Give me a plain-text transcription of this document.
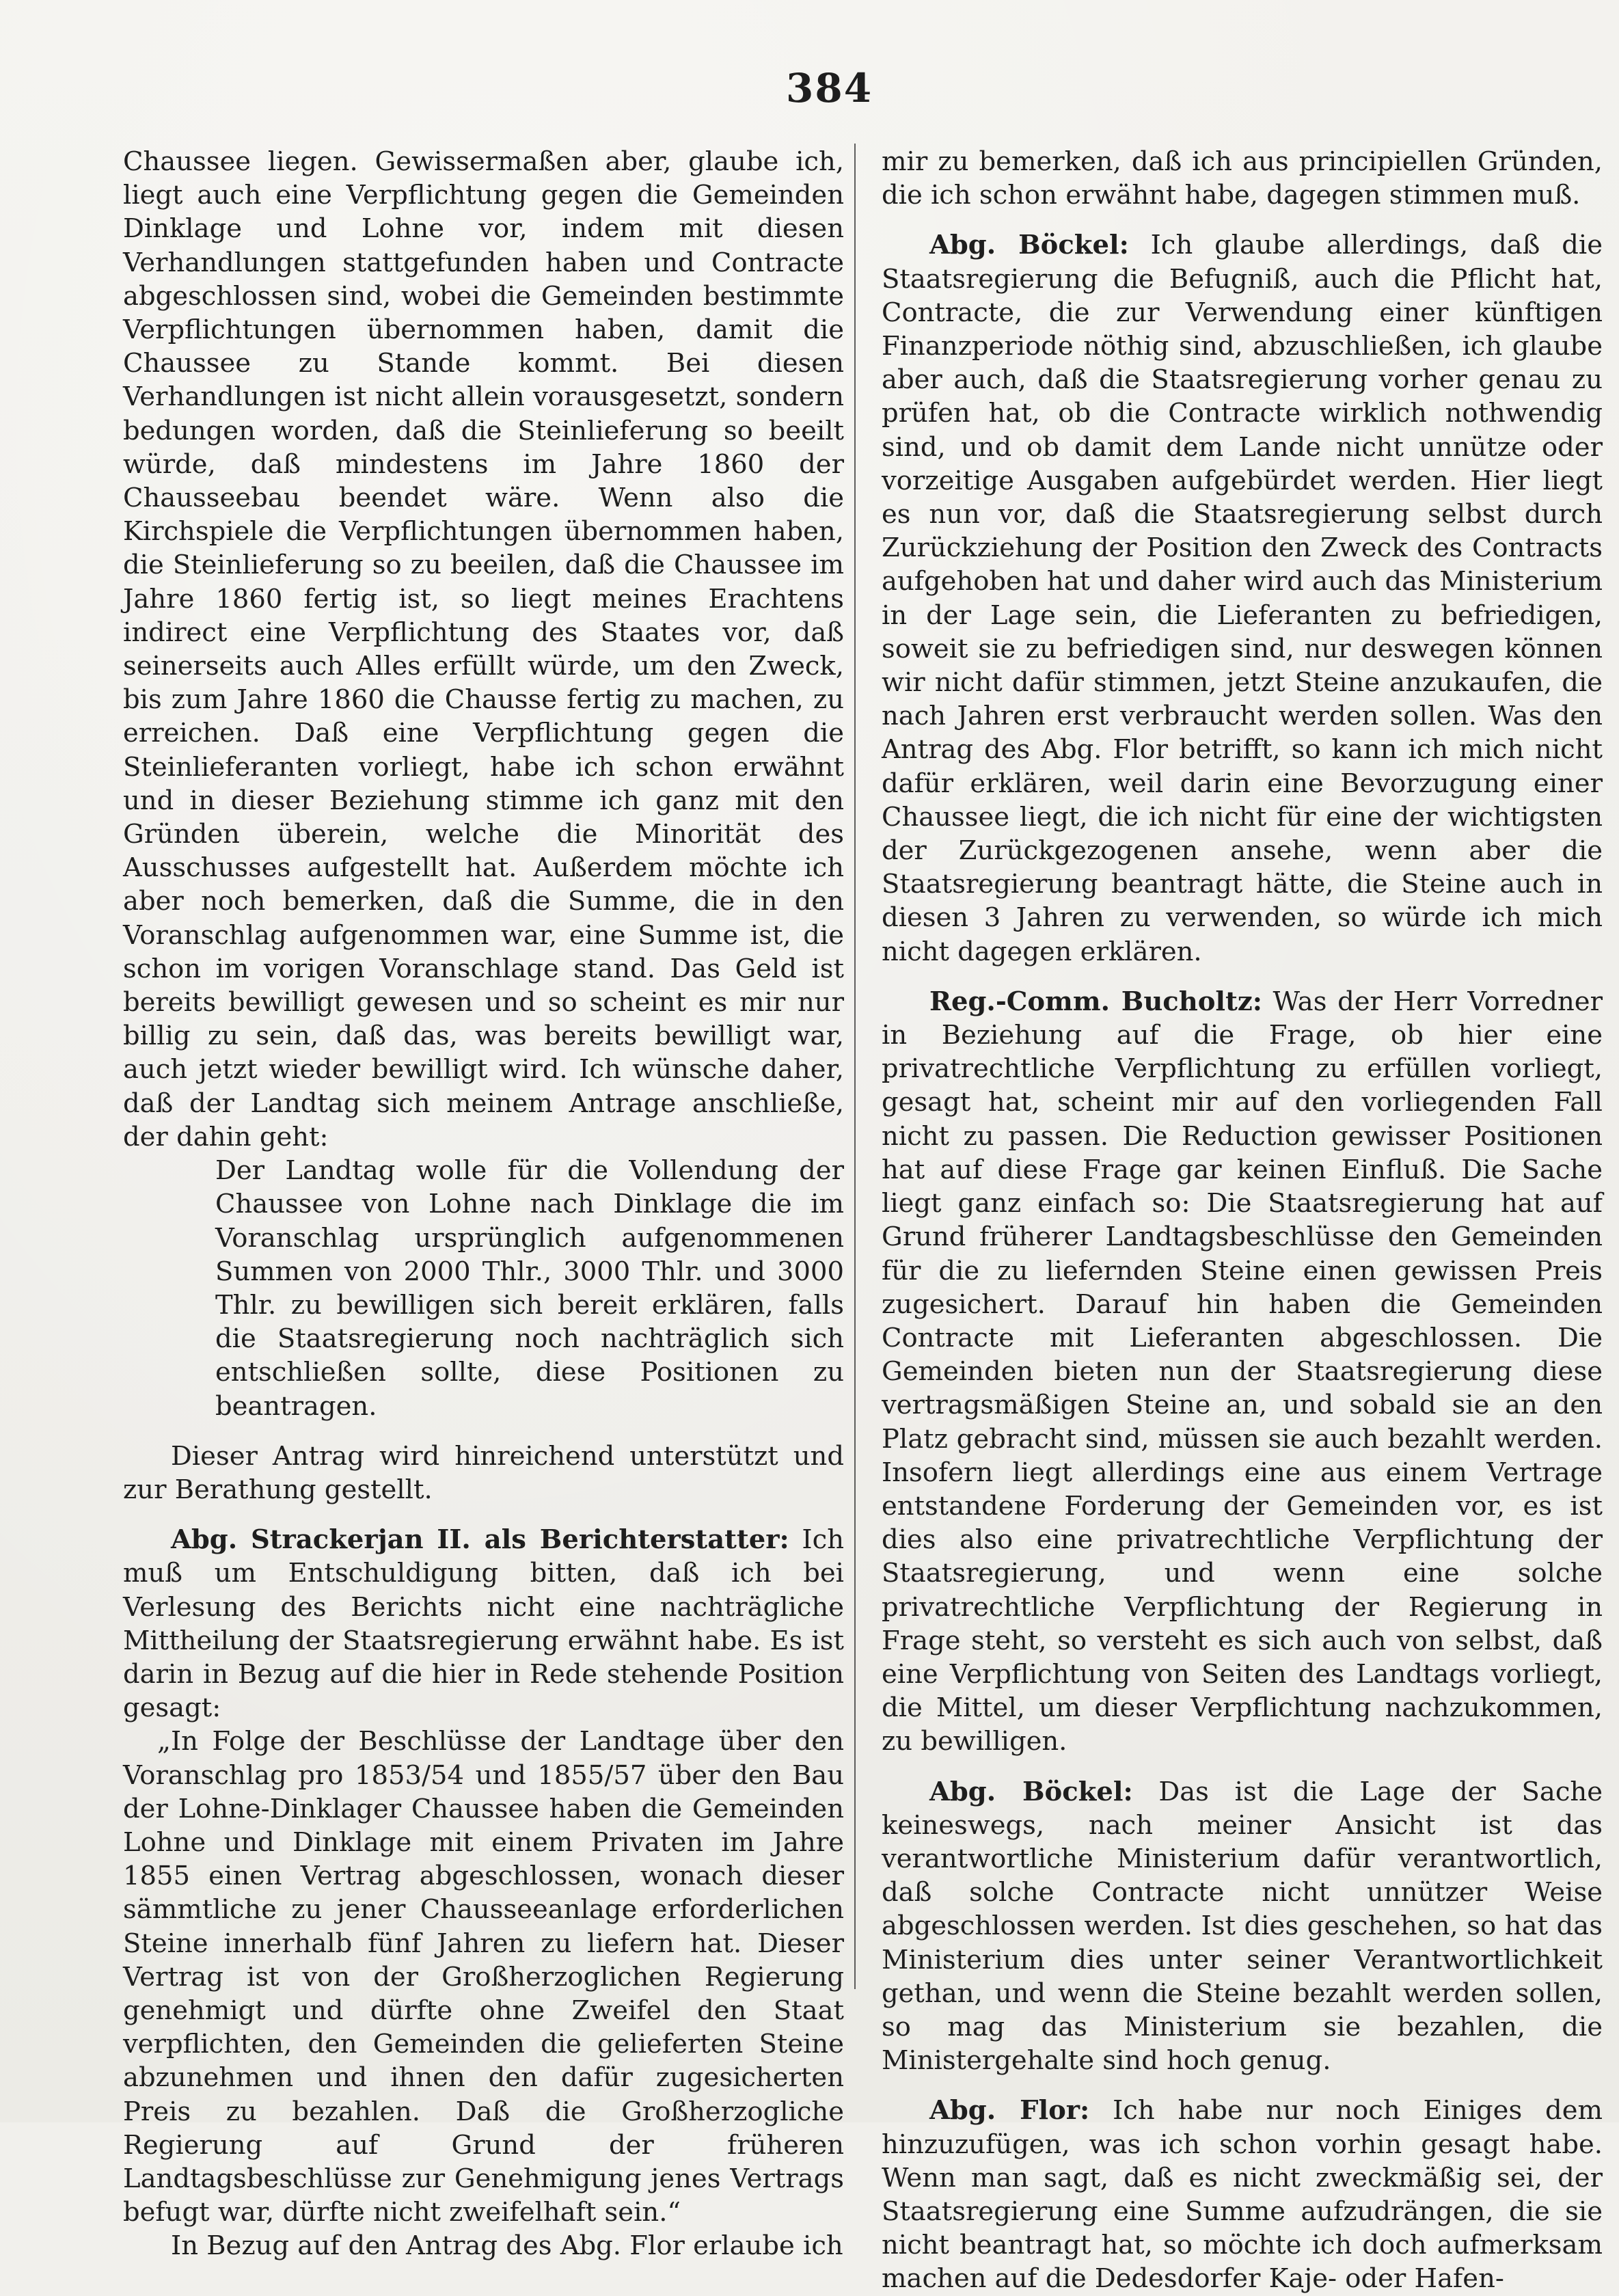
384

Chaussee liegen. Gewissermaßen aber, glaube ich, liegt auch eine Verpflichtung gegen die Gemeinden Dinklage und Lohne vor, indem mit diesen Verhandlungen stattgefunden haben und Contracte abgeschlossen sind, wobei die Gemeinden bestimmte Verpflichtungen übernommen haben, damit die Chaussee zu Stande kommt. Bei diesen Verhandlungen ist nicht allein vorausgesetzt, sondern bedungen worden, daß die Steinlieferung so beeilt würde, daß mindestens im Jahre 1860 der Chausseebau beendet wäre. Wenn also die Kirchspiele die Verpflichtungen übernommen haben, die Steinlieferung so zu beeilen, daß die Chaussee im Jahre 1860 fertig ist, so liegt meines Erachtens indirect eine Verpflichtung des Staates vor, daß seinerseits auch Alles erfüllt würde, um den Zweck, bis zum Jahre 1860 die Chausse fertig zu machen, zu erreichen. Daß eine Verpflichtung gegen die Steinlieferanten vorliegt, habe ich schon erwähnt und in dieser Beziehung stimme ich ganz mit den Gründen überein, welche die Minorität des Ausschusses aufgestellt hat. Außerdem möchte ich aber noch bemerken, daß die Summe, die in den Voranschlag aufgenommen war, eine Summe ist, die schon im vorigen Voranschlage stand. Das Geld ist bereits bewilligt gewesen und so scheint es mir nur billig zu sein, daß das, was bereits bewilligt war, auch jetzt wieder bewilligt wird. Ich wünsche daher, daß der Landtag sich meinem Antrage anschließe, der dahin geht:

Der Landtag wolle für die Vollendung der Chaussee von Lohne nach Dinklage die im Voranschlag ursprünglich aufgenommenen Summen von 2000 Thlr., 3000 Thlr. und 3000 Thlr. zu bewilligen sich bereit erklären, falls die Staatsregierung noch nachträglich sich entschließen sollte, diese Positionen zu beantragen.

Dieser Antrag wird hinreichend unterstützt und zur Berathung gestellt.

Abg. Strackerjan II. als Berichterstatter: Ich muß um Entschuldigung bitten, daß ich bei Verlesung des Berichts nicht eine nachträgliche Mittheilung der Staatsregierung erwähnt habe. Es ist darin in Bezug auf die hier in Rede stehende Position gesagt:

„In Folge der Beschlüsse der Landtage über den Voranschlag pro 1853/54 und 1855/57 über den Bau der Lohne-Dinklager Chaussee haben die Gemeinden Lohne und Dinklage mit einem Privaten im Jahre 1855 einen Vertrag abgeschlossen, wonach dieser sämmtliche zu jener Chausseeanlage erforderlichen Steine innerhalb fünf Jahren zu liefern hat. Dieser Vertrag ist von der Großherzoglichen Regierung genehmigt und dürfte ohne Zweifel den Staat verpflichten, den Gemeinden die gelieferten Steine abzunehmen und ihnen den dafür zugesicherten Preis zu bezahlen. Daß die Großherzogliche Regierung auf Grund der früheren Landtagsbeschlüsse zur Genehmigung jenes Vertrags befugt war, dürfte nicht zweifelhaft sein.“

In Bezug auf den Antrag des Abg. Flor erlaube ich

mir zu bemerken, daß ich aus principiellen Gründen, die ich schon erwähnt habe, dagegen stimmen muß.

Abg. Böckel: Ich glaube allerdings, daß die Staatsregierung die Befugniß, auch die Pflicht hat, Contracte, die zur Verwendung einer künftigen Finanzperiode nöthig sind, abzuschließen, ich glaube aber auch, daß die Staatsregierung vorher genau zu prüfen hat, ob die Contracte wirklich nothwendig sind, und ob damit dem Lande nicht unnütze oder vorzeitige Ausgaben aufgebürdet werden. Hier liegt es nun vor, daß die Staatsregierung selbst durch Zurückziehung der Position den Zweck des Contracts aufgehoben hat und daher wird auch das Ministerium in der Lage sein, die Lieferanten zu befriedigen, soweit sie zu befriedigen sind, nur deswegen können wir nicht dafür stimmen, jetzt Steine anzukaufen, die nach Jahren erst verbraucht werden sollen. Was den Antrag des Abg. Flor betrifft, so kann ich mich nicht dafür erklären, weil darin eine Bevorzugung einer Chaussee liegt, die ich nicht für eine der wichtigsten der Zurückgezogenen ansehe, wenn aber die Staatsregierung beantragt hätte, die Steine auch in diesen 3 Jahren zu verwenden, so würde ich mich nicht dagegen erklären.

Reg.-Comm. Bucholtz: Was der Herr Vorredner in Beziehung auf die Frage, ob hier eine privatrechtliche Verpflichtung zu erfüllen vorliegt, gesagt hat, scheint mir auf den vorliegenden Fall nicht zu passen. Die Reduction gewisser Positionen hat auf diese Frage gar keinen Einfluß. Die Sache liegt ganz einfach so: Die Staatsregierung hat auf Grund früherer Landtagsbeschlüsse den Gemeinden für die zu liefernden Steine einen gewissen Preis zugesichert. Darauf hin haben die Gemeinden Contracte mit Lieferanten abgeschlossen. Die Gemeinden bieten nun der Staatsregierung diese vertragsmäßigen Steine an, und sobald sie an den Platz gebracht sind, müssen sie auch bezahlt werden. Insofern liegt allerdings eine aus einem Vertrage entstandene Forderung der Gemeinden vor, es ist dies also eine privatrechtliche Verpflichtung der Staatsregierung, und wenn eine solche privatrechtliche Verpflichtung der Regierung in Frage steht, so versteht es sich auch von selbst, daß eine Verpflichtung von Seiten des Landtags vorliegt, die Mittel, um dieser Verpflichtung nachzukommen, zu bewilligen.

Abg. Böckel: Das ist die Lage der Sache keineswegs, nach meiner Ansicht ist das verantwortliche Ministerium dafür verantwortlich, daß solche Contracte nicht unnützer Weise abgeschlossen werden. Ist dies geschehen, so hat das Ministerium dies unter seiner Verantwortlichkeit gethan, und wenn die Steine bezahlt werden sollen, so mag das Ministerium sie bezahlen, die Ministergehalte sind hoch genug.

Abg. Flor: Ich habe nur noch Einiges dem hinzuzufügen, was ich schon vorhin gesagt habe. Wenn man sagt, daß es nicht zweckmäßig sei, der Staatsregierung eine Summe aufzudrängen, die sie nicht beantragt hat, so möchte ich doch aufmerksam machen auf die Dedesdorfer Kaje- oder Hafen-
